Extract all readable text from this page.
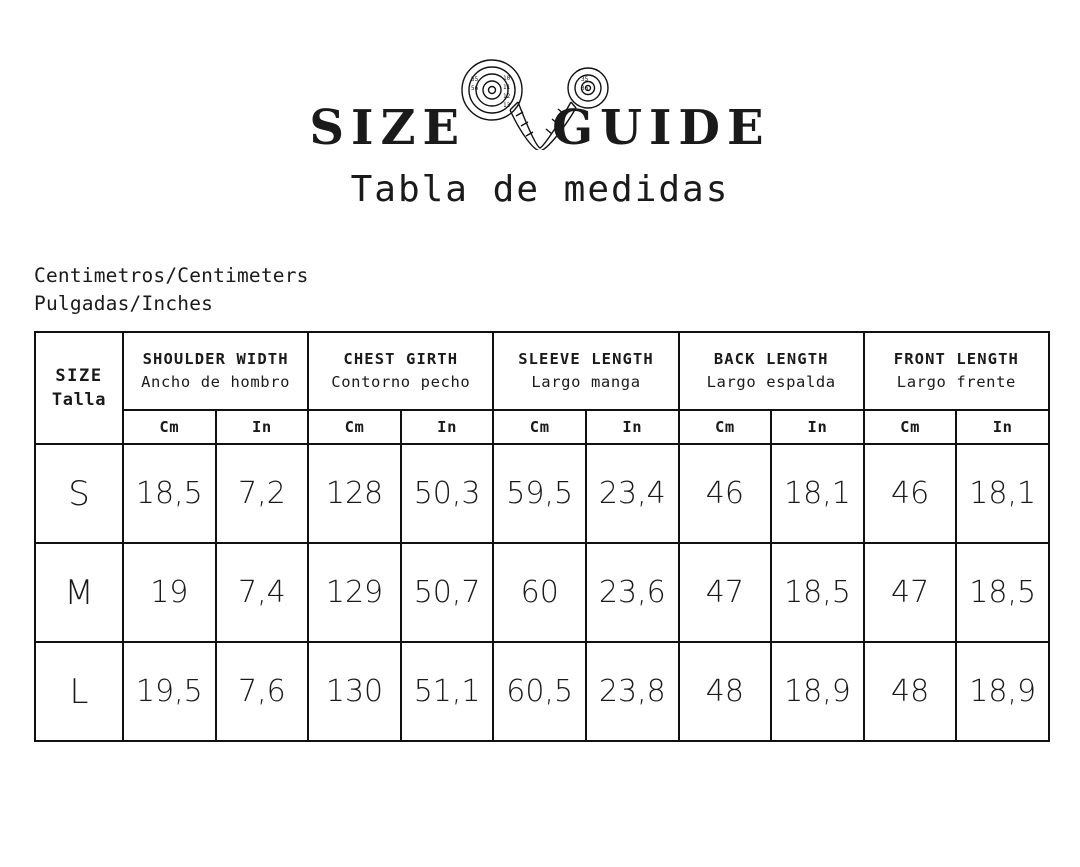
55
56
10
11
12
13
35
36
SIZE GUIDE
Tabla de medidas
Centimetros/Centimeters
Pulgadas/Inches
SIZE
Talla

SHOULDER WIDTH
Ancho de hombro

CHEST GIRTH
Contorno pecho

SLEEVE LENGTH
Largo manga

BACK LENGTH
Largo espalda

FRONT LENGTH
Largo frente

	Cm	In	Cm	In	Cm	In	Cm	In	Cm	In
S	18,5	7,2	128	50,3	59,5	23,4	46	18,1	46	18,1
M	19	7,4	129	50,7	60	23,6	47	18,5	47	18,5
L	19,5	7,6	130	51,1	60,5	23,8	48	18,9	48	18,9
